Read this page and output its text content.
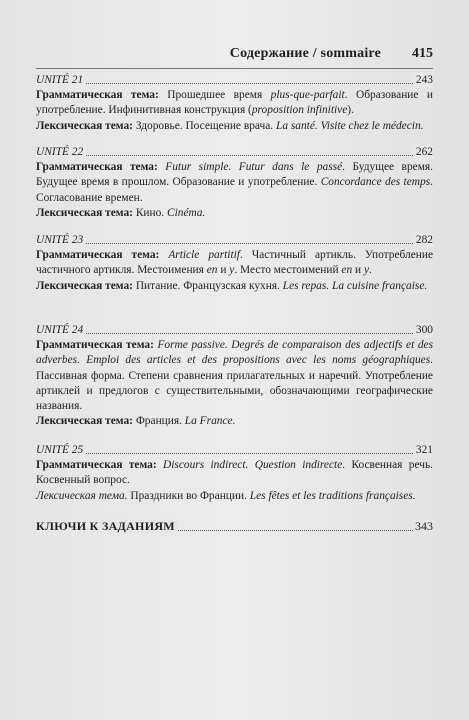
Содержание / sommaire 415
UNITÉ 21	243

Грамматическая тема: Прошедшее время plus-que-parfait. Образование и употребление. Инфинитивная конструкция (proposition infinitive).

Лексическая тема: Здоровье. Посещение врача. La santé. Visite chez le médecin.

UNITÉ 22	262

Грамматическая тема: Futur simple. Futur dans le passé. Будущее время. Будущее время в прошлом. Образование и употребление. Concordance des temps. Согласование времен.

Лексическая тема: Кино. Cinéma.

UNITÉ 23	282

Грамматическая тема: Article partitif. Частичный артикль. Употребление частичного артикля. Местоимения en и y. Место местоимений en и y.

Лексическая тема: Питание. Французская кухня. Les repas. La cuisine française.

UNITÉ 24	300

Грамматическая тема: Forme passive. Degrés de comparaison des adjectifs et des adverbes. Emploi des articles et des propositions avec les noms géographiques. Пассивная форма. Степени сравнения прилагательных и наречий. Употребление артиклей и предлогов с существительными, обозначающими географические названия.

Лексическая тема: Франция. La France.

UNITÉ 25	321

Грамматическая тема: Discours indirect. Question indirecte. Косвенная речь. Косвенный вопрос.

Лексическая тема. Праздники во Франции. Les fêtes et les traditions françaises.

КЛЮЧИ К ЗАДАНИЯМ	343
